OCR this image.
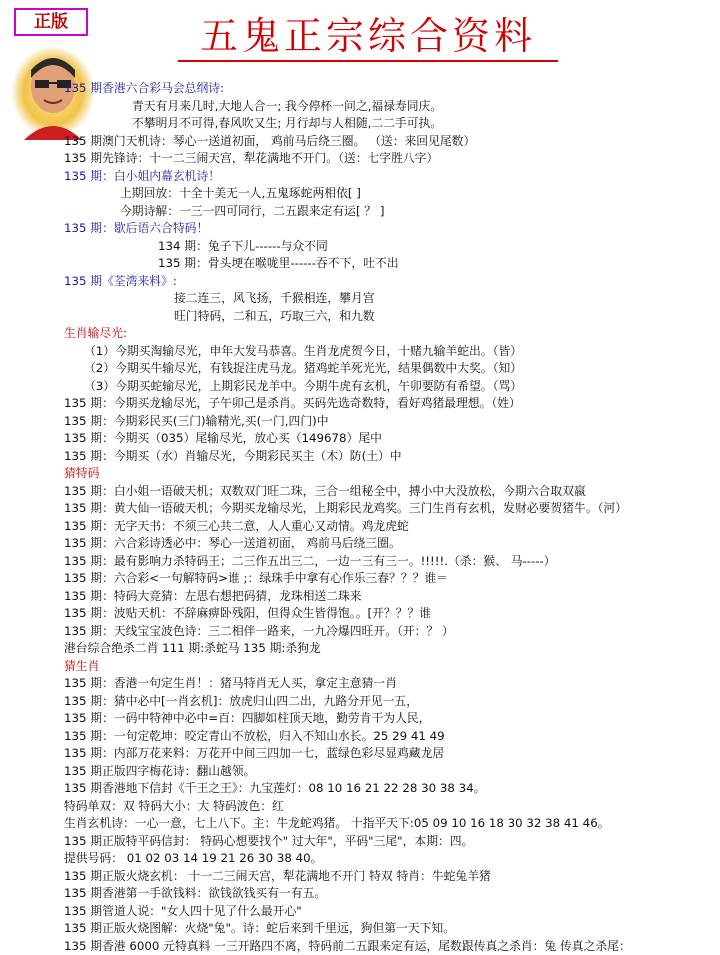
正版	五鬼正宗综合资料
135 期香港六合彩马会总纲诗:
青天有月来几时,大地人合一; 我今停杯一问之,福禄寿同庆。
不攀明月不可得,春风吹又生; 月行却与人相随,二二手可执。
135 期澳门天机诗：琴心一送道初面， 鸡前马后绕三圈。 （送：来回见尾数）
135 期先锋诗：十一二三闹天宫，犁花满地不开门。（送：七字胜八字）
135 期：白小姐内幕玄机诗！
上期回放：十全十美无一人,五鬼琢蛇两相依[ ]
今期诗解：一三一四可同行，二五跟来定有运[ ？ ]
135 期：歇后语六合特码！
134 期：兔子下儿------与众不同
135 期：骨头埂在喉咙里------吞不下，吐不出
135 期《荃湾来料》:
接二连三，风飞扬，千猴相连，攀月宫
旺门特码，二和五，巧取三六，和九数
生肖输尽光:
（1）今期买淘输尽光，申年大发马恭喜。生肖龙虎贺今日，十赌九输羊蛇出。（皆）
（2）今期买牛输尽光，有钱捉注虎马龙。猪鸡蛇羊死光光，结果偶数中大奖。（知）
（3）今期买蛇输尽光，上期彩民龙羊中。今期牛虎有玄机，午卯要防有希望。（骂）
135 期：今期买龙输尽光，子午卯己是杀肖。买码先选奇数特，看好鸡猪最理想。（姓）
135 期：今期彩民买(三门)输精光,买(一门,四门)中
135 期：今期买（035）尾输尽光，放心买（149678）尾中
135 期：今期买（水）肖输尽光，今期彩民买主（木）防(土）中
猜特码
135 期：白小姐一语破天机；双数双门旺二珠，三合一组秘全中，搏小中大没放松，今期六合取双嬴
135 期：黄大仙一语破天机；今期买龙输尽光，上期彩民龙鸡奖。三门生肖有玄机，发财必要贺猪牛。（河）
135 期：无字天书：不须三心共二意，人人重心又动情。鸡龙虎蛇
135 期：六合彩诗透必中：琴心一送道初面， 鸡前马后绕三圈。
135 期：最有影响力杀特码王；二三作五出三二，一边一三有三一。!!!!!.（杀：猴、 马-----）
135 期：六合彩<一句解特码>谁 ;：绿珠手中拿有心作乐三春？？？谁＝
135 期：特码大竞猜：左思右想把码猜，龙珠相送二珠来
135 期：波贴天机：不辞麻痹卧残阳，但得众生皆得饱。。[开？？？谁
135 期：天线宝宝波色诗：三二相伴一路来，一九冷爆四旺开。（开：？ ）
港台综合绝杀二肖 111 期:杀蛇马 135 期:杀狗龙
猜生肖
135 期：香港一句定生肖！：猪马特肖无人买，拿定主意猜一肖
135 期：猜中必中[一肖玄机]：放虎归山四二出，九路分开见一五，
135 期：一码中特神中必中=百：四脚如柱顶天地，勤劳肯干为人民，
135 期：一句定乾坤：咬定青山不放松，归入不知山水长。25 29 41 49
135 期：内部万花来料：万花开中间三四加一七，蓝绿色彩尽显鸡藏龙居
135 期正版四字梅花诗：翻山越领。
135 期香港地下信封《千王之王》：九宝莲灯：08 10 16 21 22 28 30 38 34。
特码单双：双 特码大小：大 特码波色：红
生肖玄机诗：一心一意，七上八下。主：牛龙蛇鸡猪。 十指平天下:05 09 10 16 18 30 32 38 41 46。
135 期正版特平码信封： 特码心想要找个" 过大年"，平码"三尾"，本期：四。
提供号码： 01 02 03 14 19 21 26 30 38 40。
135 期正版火烧玄机： 十一二三闹天宫，犁花满地不开门 特双 特肖：牛蛇兔羊猪
135 期香港第一手欲钱料：欲钱欲钱买有一有五。
135 期管道人说："女人四十见了什么最开心"
135 期正版火烧图解：火烧"兔"。诗：蛇后来到千里远，狗但第一天下知。
135 期香港 6000 元特真料 一三开路四不离，特码前二五跟来定有运，尾数跟传真之杀肖：兔 传真之杀尾：
